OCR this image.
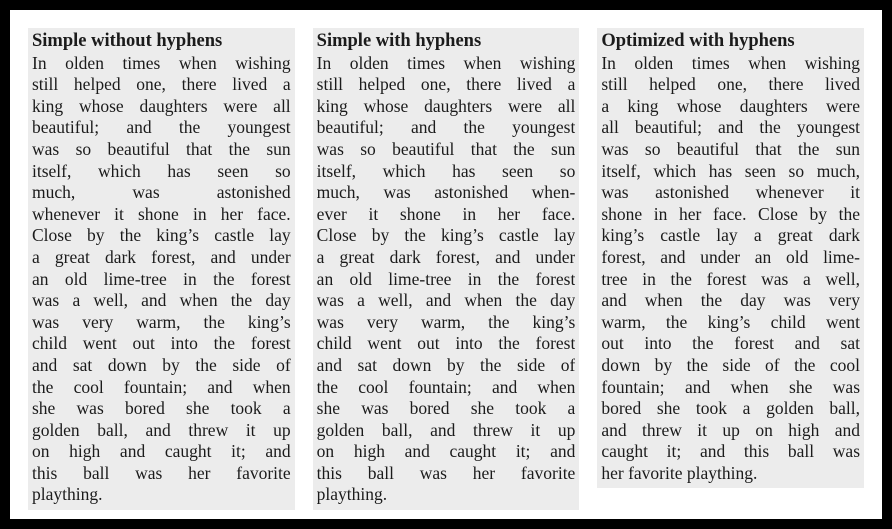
Simple without hyphens
In olden times when wishing
still helped one, there lived a
king whose daughters were all
beautiful; and the youngest
was so beautiful that the sun
itself, which has seen so
much, was astonished
whenever it shone in her face.
Close by the king’s castle lay
a great dark forest, and under
an old lime-tree in the forest
was a well, and when the day
was very warm, the king’s
child went out into the forest
and sat down by the side of
the cool fountain; and when
she was bored she took a
golden ball, and threw it up
on high and caught it; and
this ball was her favorite
plaything.
Simple with hyphens
In olden times when wishing
still helped one, there lived a
king whose daughters were all
beautiful; and the youngest
was so beautiful that the sun
itself, which has seen so
much, was astonished when-
ever it shone in her face.
Close by the king’s castle lay
a great dark forest, and under
an old lime-tree in the forest
was a well, and when the day
was very warm, the king’s
child went out into the forest
and sat down by the side of
the cool fountain; and when
she was bored she took a
golden ball, and threw it up
on high and caught it; and
this ball was her favorite
plaything.
Optimized with hyphens
In olden times when wishing
still helped one, there lived
a king whose daughters were
all beautiful; and the youngest
was so beautiful that the sun
itself, which has seen so much,
was astonished whenever it
shone in her face. Close by the
king’s castle lay a great dark
forest, and under an old lime-
tree in the forest was a well,
and when the day was very
warm, the king’s child went
out into the forest and sat
down by the side of the cool
fountain; and when she was
bored she took a golden ball,
and threw it up on high and
caught it; and this ball was
her favorite plaything.
